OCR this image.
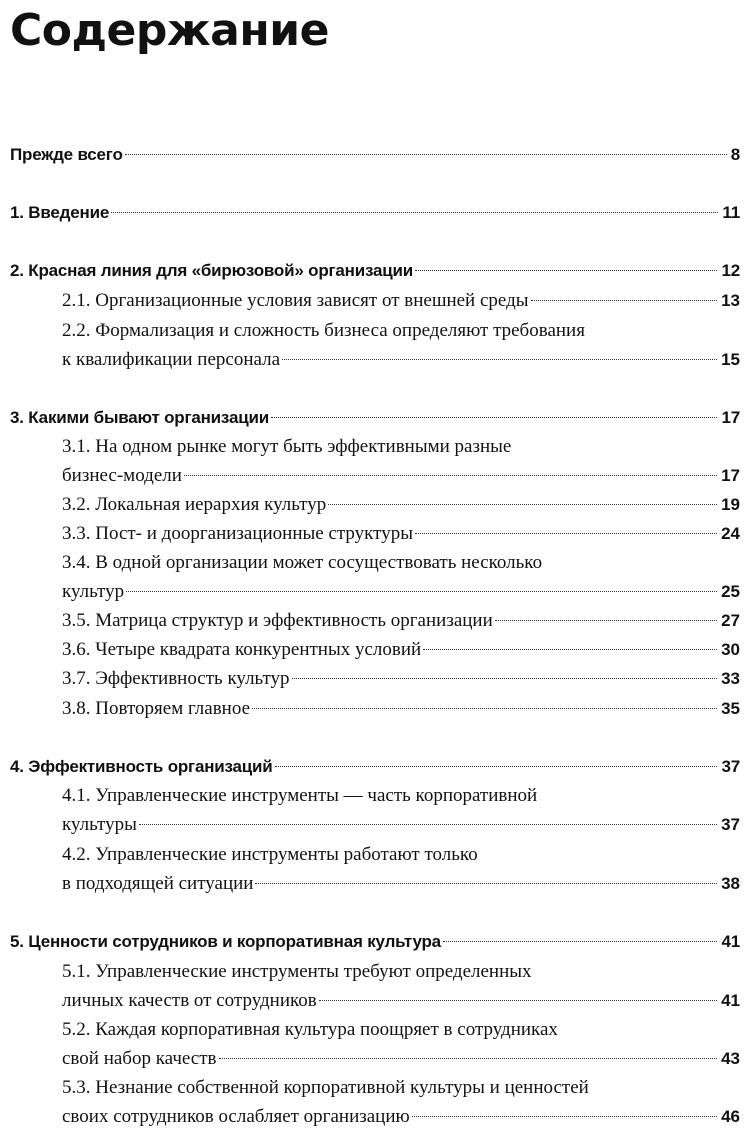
Содержание
Прежде всего	8
1. Введение	11
2. Красная линия для «бирюзовой» организации	12
2.1. Организационные условия зависят от внешней среды	13
2.2. Формализация и сложность бизнеса определяют требования
к квалификации персонала	15
3. Какими бывают организации	17
3.1. На одном рынке могут быть эффективными разные
бизнес-модели	17
3.2. Локальная иерархия культур	19
3.3. Пост- и доорганизационные структуры	24
3.4. В одной организации может сосуществовать несколько
культур	25
3.5. Матрица структур и эффективность организации	27
3.6. Четыре квадрата конкурентных условий	30
3.7. Эффективность культур	33
3.8. Повторяем главное	35
4. Эффективность организаций	37
4.1. Управленческие инструменты — часть корпоративной
культуры	37
4.2. Управленческие инструменты работают только
в подходящей ситуации	38
5. Ценности сотрудников и корпоративная культура	41
5.1. Управленческие инструменты требуют определенных
личных качеств от сотрудников	41
5.2. Каждая корпоративная культура поощряет в сотрудниках
свой набор качеств	43
5.3. Незнание собственной корпоративной культуры и ценностей
своих сотрудников ослабляет организацию	46
